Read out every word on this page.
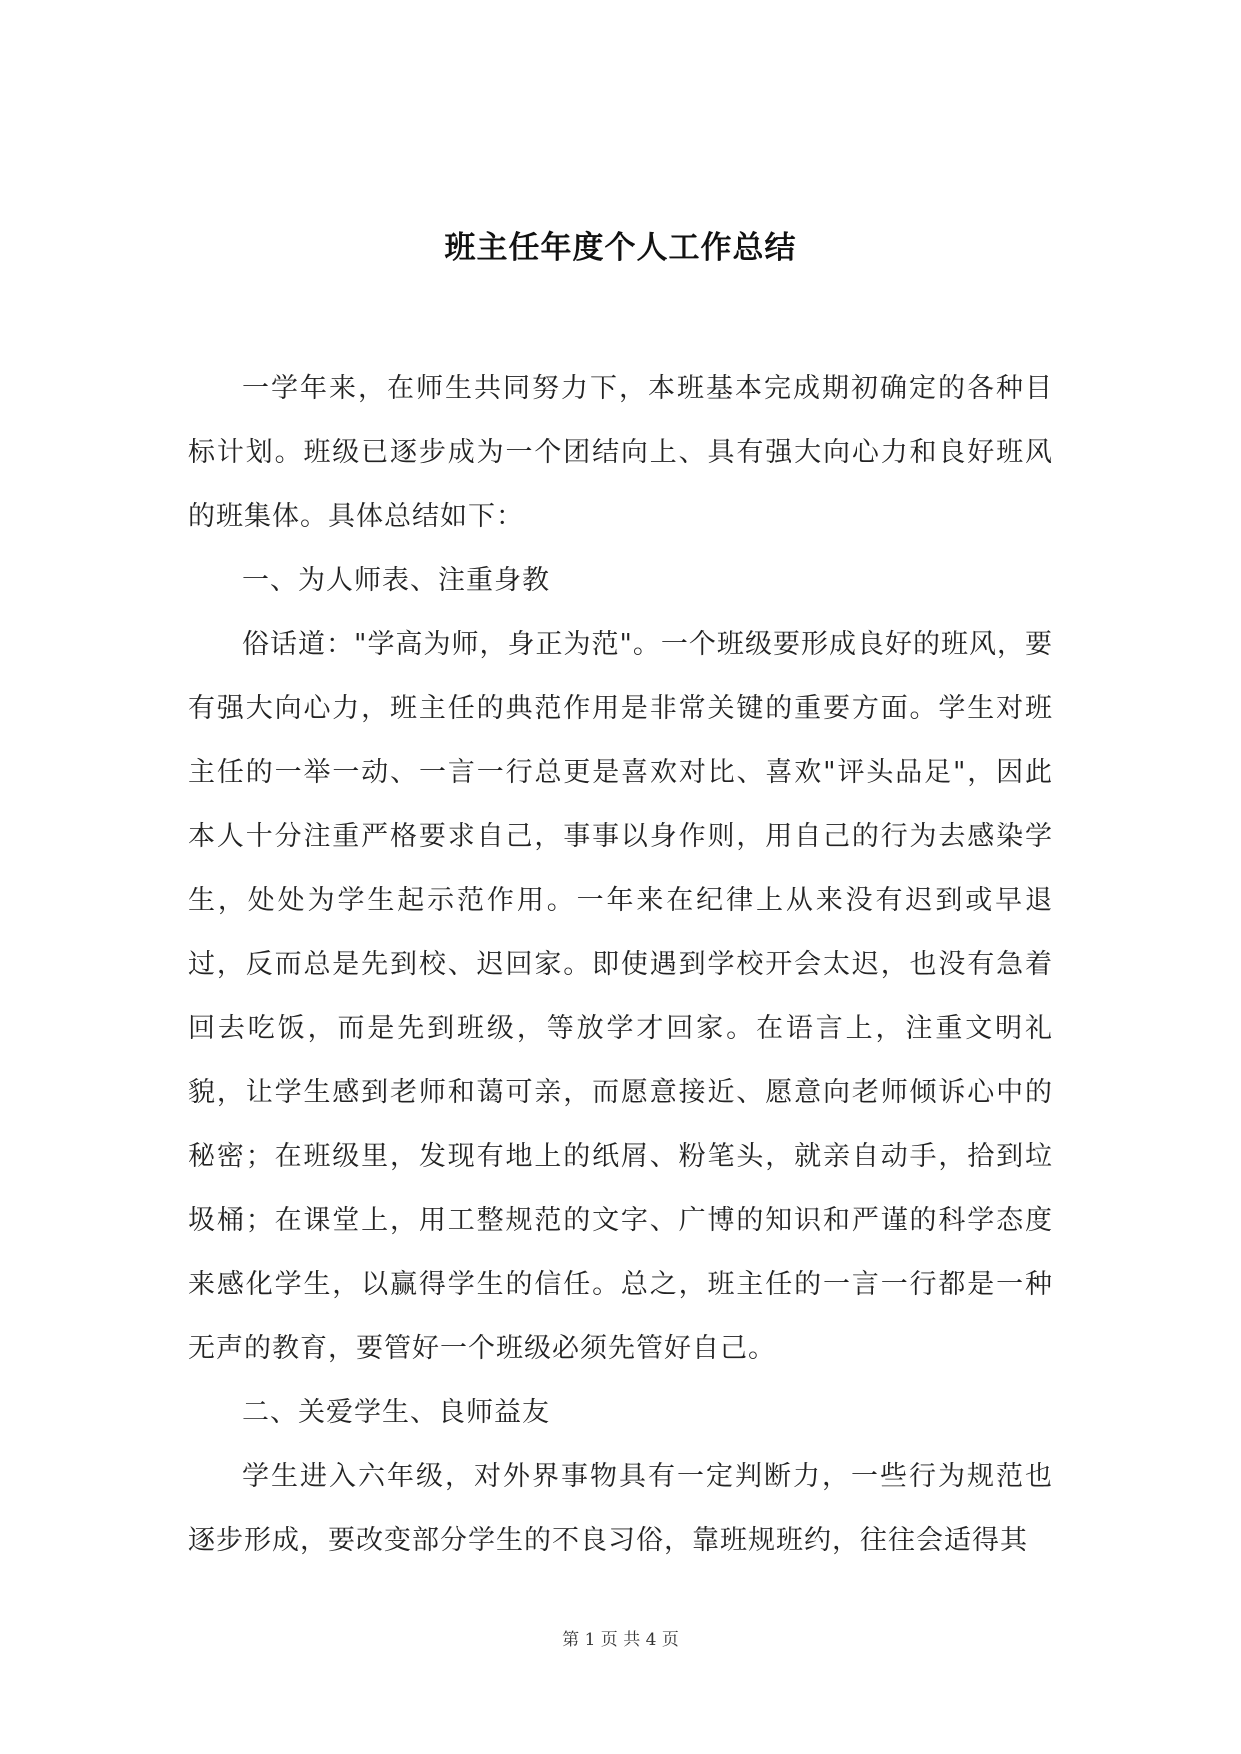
班主任年度个人工作总结

一学年来，在师生共同努力下，本班基本完成期初确定的各种目标计划。班级已逐步成为一个团结向上、具有强大向心力和良好班风的班集体。具体总结如下：

一、为人师表、注重身教

俗话道："学高为师，身正为范"。一个班级要形成良好的班风，要有强大向心力，班主任的典范作用是非常关键的重要方面。学生对班主任的一举一动、一言一行总更是喜欢对比、喜欢"评头品足"，因此本人十分注重严格要求自己，事事以身作则，用自己的行为去感染学生，处处为学生起示范作用。一年来在纪律上从来没有迟到或早退过，反而总是先到校、迟回家。即使遇到学校开会太迟，也没有急着回去吃饭，而是先到班级，等放学才回家。在语言上，注重文明礼貌，让学生感到老师和蔼可亲，而愿意接近、愿意向老师倾诉心中的秘密；在班级里，发现有地上的纸屑、粉笔头，就亲自动手，拾到垃圾桶；在课堂上，用工整规范的文字、广博的知识和严谨的科学态度来感化学生，以赢得学生的信任。总之，班主任的一言一行都是一种无声的教育，要管好一个班级必须先管好自己。

二、关爱学生、良师益友

学生进入六年级，对外界事物具有一定判断力，一些行为规范也逐步形成，要改变部分学生的不良习俗，靠班规班约，往往会适得其

第 1 页 共 4 页
